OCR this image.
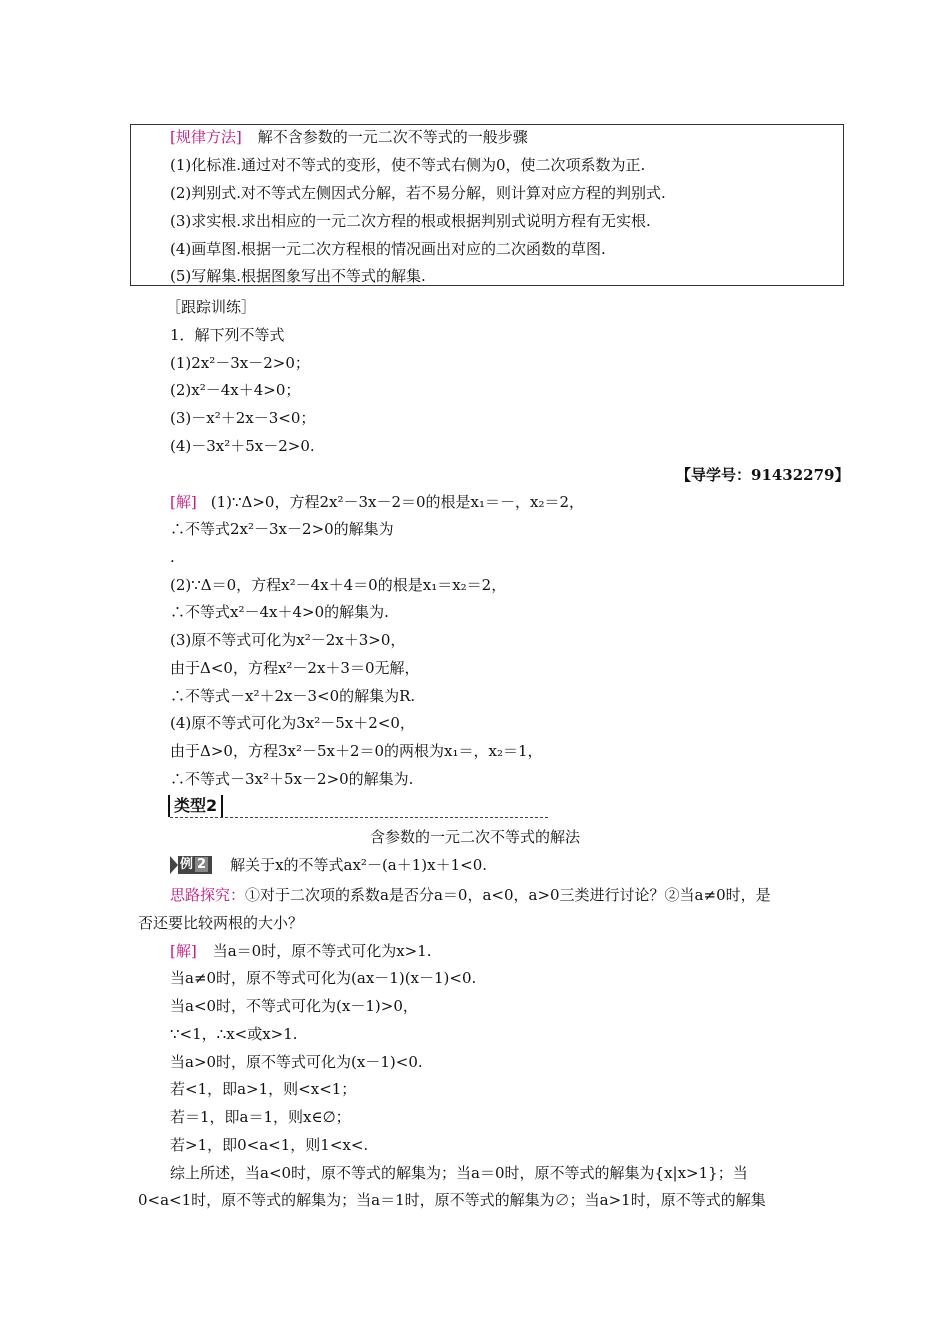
[规律方法] 解不含参数的一元二次不等式的一般步骤
(1)化标准.通过对不等式的变形，使不等式右侧为0，使二次项系数为正.
(2)判别式.对不等式左侧因式分解，若不易分解，则计算对应方程的判别式.
(3)求实根.求出相应的一元二次方程的根或根据判别式说明方程有无实根.
(4)画草图.根据一元二次方程根的情况画出对应的二次函数的草图.
(5)写解集.根据图象写出不等式的解集.
［跟踪训练］
1．解下列不等式
(1)2x²－3x－2>0；
(2)x²－4x＋4>0；
(3)－x²＋2x－3<0；
(4)－3x²＋5x－2>0.
【导学号：91432279】
[解] (1)∵Δ>0，方程2x²－3x－2＝0的根是x₁＝－，x₂＝2，
∴不等式2x²－3x－2>0的解集为
.
(2)∵Δ＝0，方程x²－4x＋4＝0的根是x₁＝x₂＝2，
∴不等式x²－4x＋4>0的解集为.
(3)原不等式可化为x²－2x＋3>0，
由于Δ<0，方程x²－2x＋3＝0无解，
∴不等式－x²＋2x－3<0的解集为R.
(4)原不等式可化为3x²－5x＋2<0，
由于Δ>0，方程3x²－5x＋2＝0的两根为x₁＝，x₂＝1，
∴不等式－3x²＋5x－2>0的解集为.
类型2
含参数的一元二次不等式的解法
例 2	解关于x的不等式ax²－(a＋1)x＋1<0.
思路探究：①对于二次项的系数a是否分a＝0，a<0，a>0三类进行讨论？②当a≠0时，是
否还要比较两根的大小？
[解] 当a＝0时，原不等式可化为x>1.
当a≠0时，原不等式可化为(ax－1)(x－1)<0.
当a<0时，不等式可化为(x－1)>0，
∵<1，∴x<或x>1.
当a>0时，原不等式可化为(x－1)<0.
若<1，即a>1，则<x<1；
若＝1，即a＝1，则x∈∅；
若>1，即0<a<1，则1<x<.
综上所述，当a<0时，原不等式的解集为；当a＝0时，原不等式的解集为{x|x>1}；当
0<a<1时，原不等式的解集为；当a＝1时，原不等式的解集为∅；当a>1时，原不等式的解集
